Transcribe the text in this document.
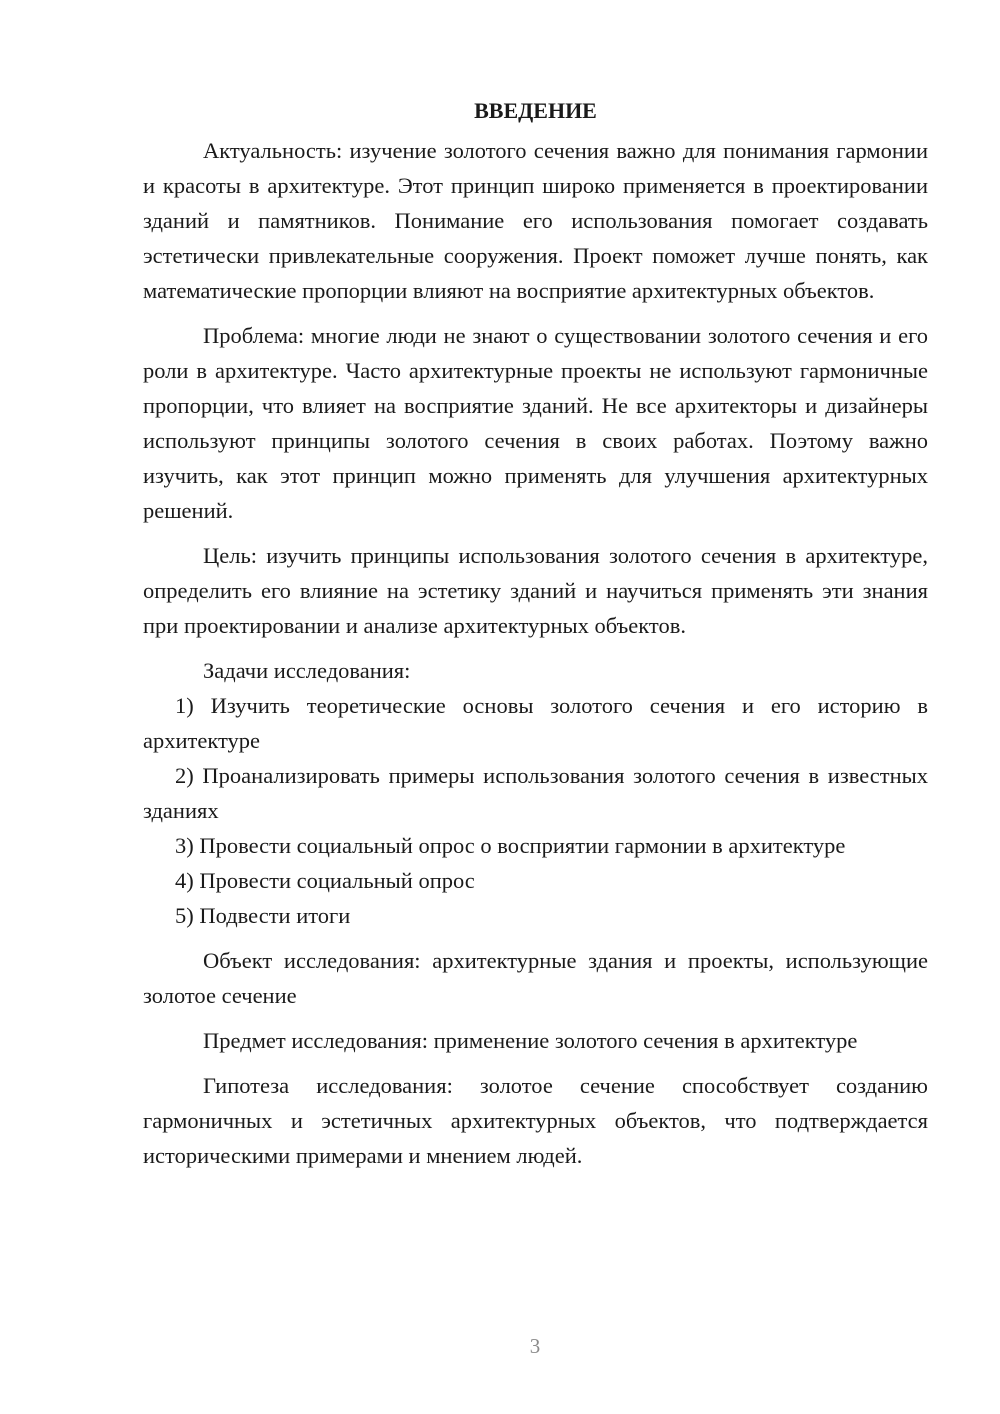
ВВЕДЕНИЕ

Актуальность: изучение золотого сечения важно для понимания гармонии и красоты в архитектуре. Этот принцип широко применяется в проектировании зданий и памятников. Понимание его использования помогает создавать эстетически привлекательные сооружения. Проект поможет лучше понять, как математические пропорции влияют на восприятие архитектурных объектов.

Проблема: многие люди не знают о существовании золотого сечения и его роли в архитектуре. Часто архитектурные проекты не используют гармоничные пропорции, что влияет на восприятие зданий. Не все архитекторы и дизайнеры используют принципы золотого сечения в своих работах. Поэтому важно изучить, как этот принцип можно применять для улучшения архитектурных решений.

Цель: изучить принципы использования золотого сечения в архитектуре, определить его влияние на эстетику зданий и научиться применять эти знания при проектировании и анализе архитектурных объектов.

Задачи исследования:

1) Изучить теоретические основы золотого сечения и его историю в архитектуре

2) Проанализировать примеры использования золотого сечения в известных зданиях

3) Провести социальный опрос о восприятии гармонии в архитектуре

4) Провести социальный опрос

5) Подвести итоги

Объект исследования: архитектурные здания и проекты, использующие золотое сечение

Предмет исследования: применение золотого сечения в архитектуре

Гипотеза исследования: золотое сечение способствует созданию гармоничных и эстетичных архитектурных объектов, что подтверждается историческими примерами и мнением людей.

3
